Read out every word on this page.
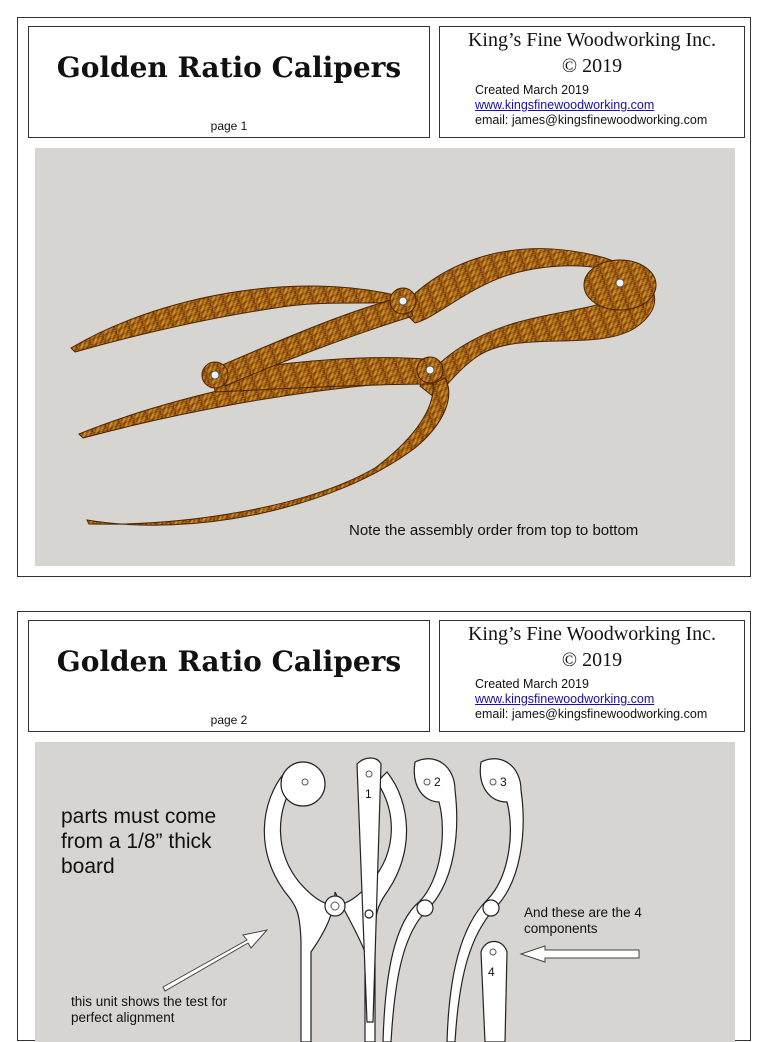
Golden Ratio Calipers
page 1
King’s Fine Woodworking Inc.
© 2019
Created March 2019
www.kingsfinewoodworking.com
email: james@kingsfinewoodworking.com
Note the assembly order from top to bottom
Golden Ratio Calipers
page 2
King’s Fine Woodworking Inc.
© 2019
Created March 2019
www.kingsfinewoodworking.com
email: james@kingsfinewoodworking.com
1
2	3
4
parts must come from a 1/8” thick board
And these are the 4 components
this unit shows the test for perfect alignment
